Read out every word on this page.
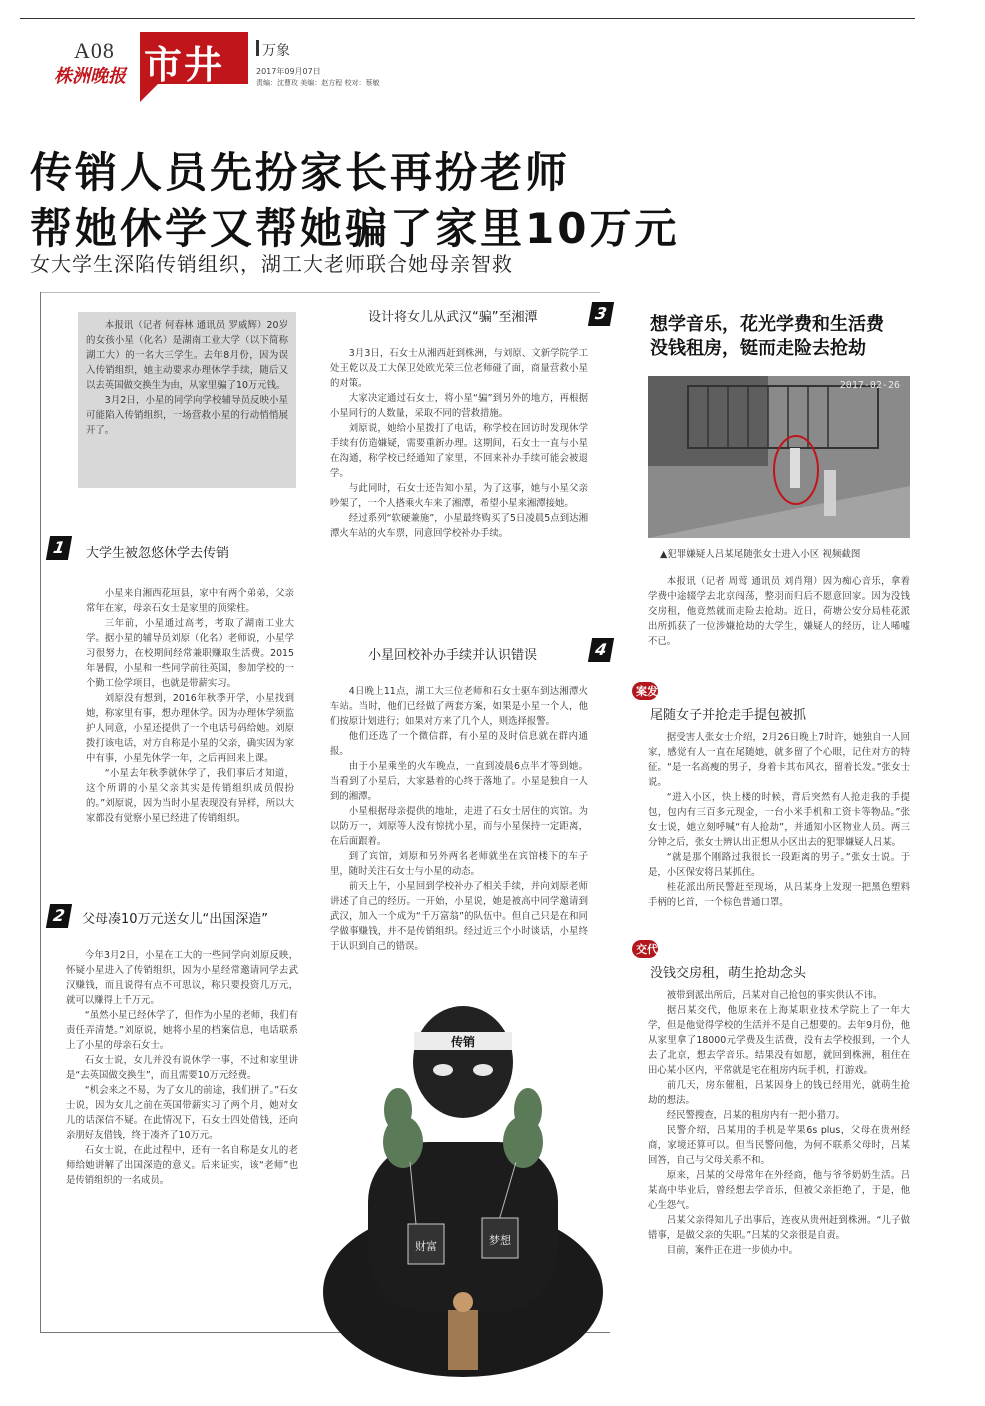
A08
株洲晚报 市井	万象
2017年09月07日
责编：沈曹玫 美编：赵方程 校对：蔡敏
传销人员先扮家长再扮老师
帮她休学又帮她骗了家里10万元
女大学生深陷传销组织，湖工大老师联合她母亲智救

本报讯（记者 何春林 通讯员 罗威辉）20岁的女孩小星（化名）是湖南工业大学（以下简称湖工大）的一名大三学生。去年8月份，因为误入传销组织，她主动要求办理休学手续，随后又以去英国做交换生为由，从家里骗了10万元钱。

3月2日，小星的同学向学校辅导员反映小星可能陷入传销组织，一场营救小星的行动悄悄展开了。

1	大学生被忽悠休学去传销

小星来自湘西花垣县，家中有两个弟弟，父亲常年在家，母亲石女士是家里的顶梁柱。

三年前，小星通过高考，考取了湖南工业大学。据小星的辅导员刘原（化名）老师说，小星学习很努力，在校期间经常兼职赚取生活费。2015年暑假，小星和一些同学前往英国，参加学校的一个勤工俭学项目，也就是带薪实习。

刘原没有想到，2016年秋季开学，小星找到她，称家里有事，想办理休学。因为办理休学须监护人同意，小星还提供了一个电话号码给她。刘原拨打该电话，对方自称是小星的父亲，确实因为家中有事，小星先休学一年，之后再回来上课。

“小星去年秋季就休学了，我们事后才知道，这个所谓的小星父亲其实是传销组织成员假扮的。”刘原说，因为当时小星表现没有异样，所以大家都没有觉察小星已经进了传销组织。

2	父母凑10万元送女儿“出国深造”

今年3月2日，小星在工大的一些同学向刘原反映，怀疑小星进入了传销组织，因为小星经常邀请同学去武汉赚钱，而且说得有点不可思议，称只要投资几万元，就可以赚得上千万元。

“虽然小星已经休学了，但作为小星的老师，我们有责任弄清楚。”刘原说，她将小星的档案信息，电话联系上了小星的母亲石女士。

石女士说，女儿并没有说休学一事，不过和家里讲是“去英国做交换生”，而且需要10万元经费。

“机会来之不易，为了女儿的前途，我们拼了。”石女士说，因为女儿之前在英国带薪实习了两个月，她对女儿的话深信不疑。在此情况下，石女士四处借钱，还向亲朋好友借钱，终于凑齐了10万元。

石女士说，在此过程中，还有一名自称是女儿的老师给她讲解了出国深造的意义。后来证实，该“老师”也是传销组织的一名成员。

设计将女儿从武汉“骗”至湘潭	3

3月3日，石女士从湘西赶到株洲，与刘原、文新学院学工处王乾以及工大保卫处欧光荣三位老师碰了面，商量营救小星的对策。

大家决定通过石女士，将小星“骗”到另外的地方，再根据小星同行的人数量，采取不同的营救措施。

刘原说，她给小星拨打了电话，称学校在回访时发现休学手续有仿造嫌疑，需要重新办理。这期间，石女士一直与小星在沟通，称学校已经通知了家里，不回来补办手续可能会被退学。

与此同时，石女士还告知小星，为了这事，她与小星父亲吵架了，一个人搭乘火车来了湘潭，希望小星来湘潭接她。

经过系列“软硬兼施”，小星最终购买了5日凌晨5点到达湘潭火车站的火车票，同意回学校补办手续。

小星回校补办手续并认识错误	4

4日晚上11点，湖工大三位老师和石女士驱车到达湘潭火车站。当时，他们已经做了两套方案，如果是小星一个人，他们按原计划进行；如果对方来了几个人，则选择报警。

他们还选了一个微信群，有小星的及时信息就在群内通报。

由于小星乘坐的火车晚点，一直到凌晨6点半才等到她。当看到了小星后，大家悬着的心终于落地了。小星是独自一人到的湘潭。

小星根据母亲提供的地址，走进了石女士居住的宾馆。为以防万一，刘原等人没有惊扰小星，而与小星保持一定距离，在后面跟着。

到了宾馆，刘原和另外两名老师就坐在宾馆楼下的车子里，随时关注石女士与小星的动态。

前天上午，小星回到学校补办了相关手续，并向刘原老师讲述了自己的经历。一开始，小星说，她是被高中同学邀请到武汉，加入一个成为“千万富翁”的队伍中。但自己只是在和同学做事赚钱，并不是传销组织。经过近三个小时谈话，小星终于认识到自己的错误。

传销
财富	梦想
想学音乐，花光学费和生活费
没钱租房，铤而走险去抢劫
2017-02-26
▲犯罪嫌疑人吕某尾随张女士进入小区 视频截图

本报讯（记者 周莺 通讯员 刘肖翔）因为痴心音乐，拿着学费中途辍学去北京闯荡，整羽而归后不愿意回家。因为没钱交房租，他竟然就而走险去抢劫。近日，荷塘公安分局桂花派出所抓获了一位涉嫌抢劫的大学生，嫌疑人的经历，让人唏嘘不已。

案发
尾随女子并抢走手提包被抓

据受害人张女士介绍，2月26日晚上7时许，她独自一人回家，感觉有人一直在尾随她，就多留了个心眼，记住对方的特征。“是一名高瘦的男子，身着卡其布风衣，留着长发。”张女士说。

“进入小区，快上楼的时候，背后突然有人抢走我的手提包，包内有三百多元现金，一台小米手机和工资卡等物品。”张女士说，她立刻呼喊“有人抢劫”，并通知小区物业人员。两三分钟之后，张女士辨认出正想从小区出去的犯罪嫌疑人吕某。

“就是那个刚路过我很长一段距离的男子。”张女士说。于是，小区保安将吕某抓住。

桂花派出所民警赶至现场，从吕某身上发现一把黑色塑料手柄的匕首，一个棕色普通口罩。

交代
没钱交房租，萌生抢劫念头

被带到派出所后，吕某对自己抢包的事实供认不讳。

据吕某交代，他原来在上海某职业技术学院上了一年大学，但是他觉得学校的生活并不是自己想要的。去年9月份，他从家里拿了18000元学费及生活费，没有去学校报到，一个人去了北京，想去学音乐。结果没有如愿，就回到株洲，租住在田心某小区内，平常就是宅在租房内玩手机，打游戏。

前几天，房东催租，吕某因身上的钱已经用光，就萌生抢劫的想法。

经民警搜查，吕某的租房内有一把小猎刀。

民警介绍，吕某用的手机是苹果6s plus，父母在贵州经商，家境还算可以。但当民警问他，为何不联系父母时，吕某回答，自己与父母关系不和。

原来，吕某的父母常年在外经商，他与爷爷奶奶生活。吕某高中毕业后，曾经想去学音乐，但被父亲拒绝了，于是，他心生怨气。

吕某父亲得知儿子出事后，连夜从贵州赶到株洲。“儿子做错事，是做父亲的失职。”吕某的父亲很是自责。

目前，案件正在进一步侦办中。
